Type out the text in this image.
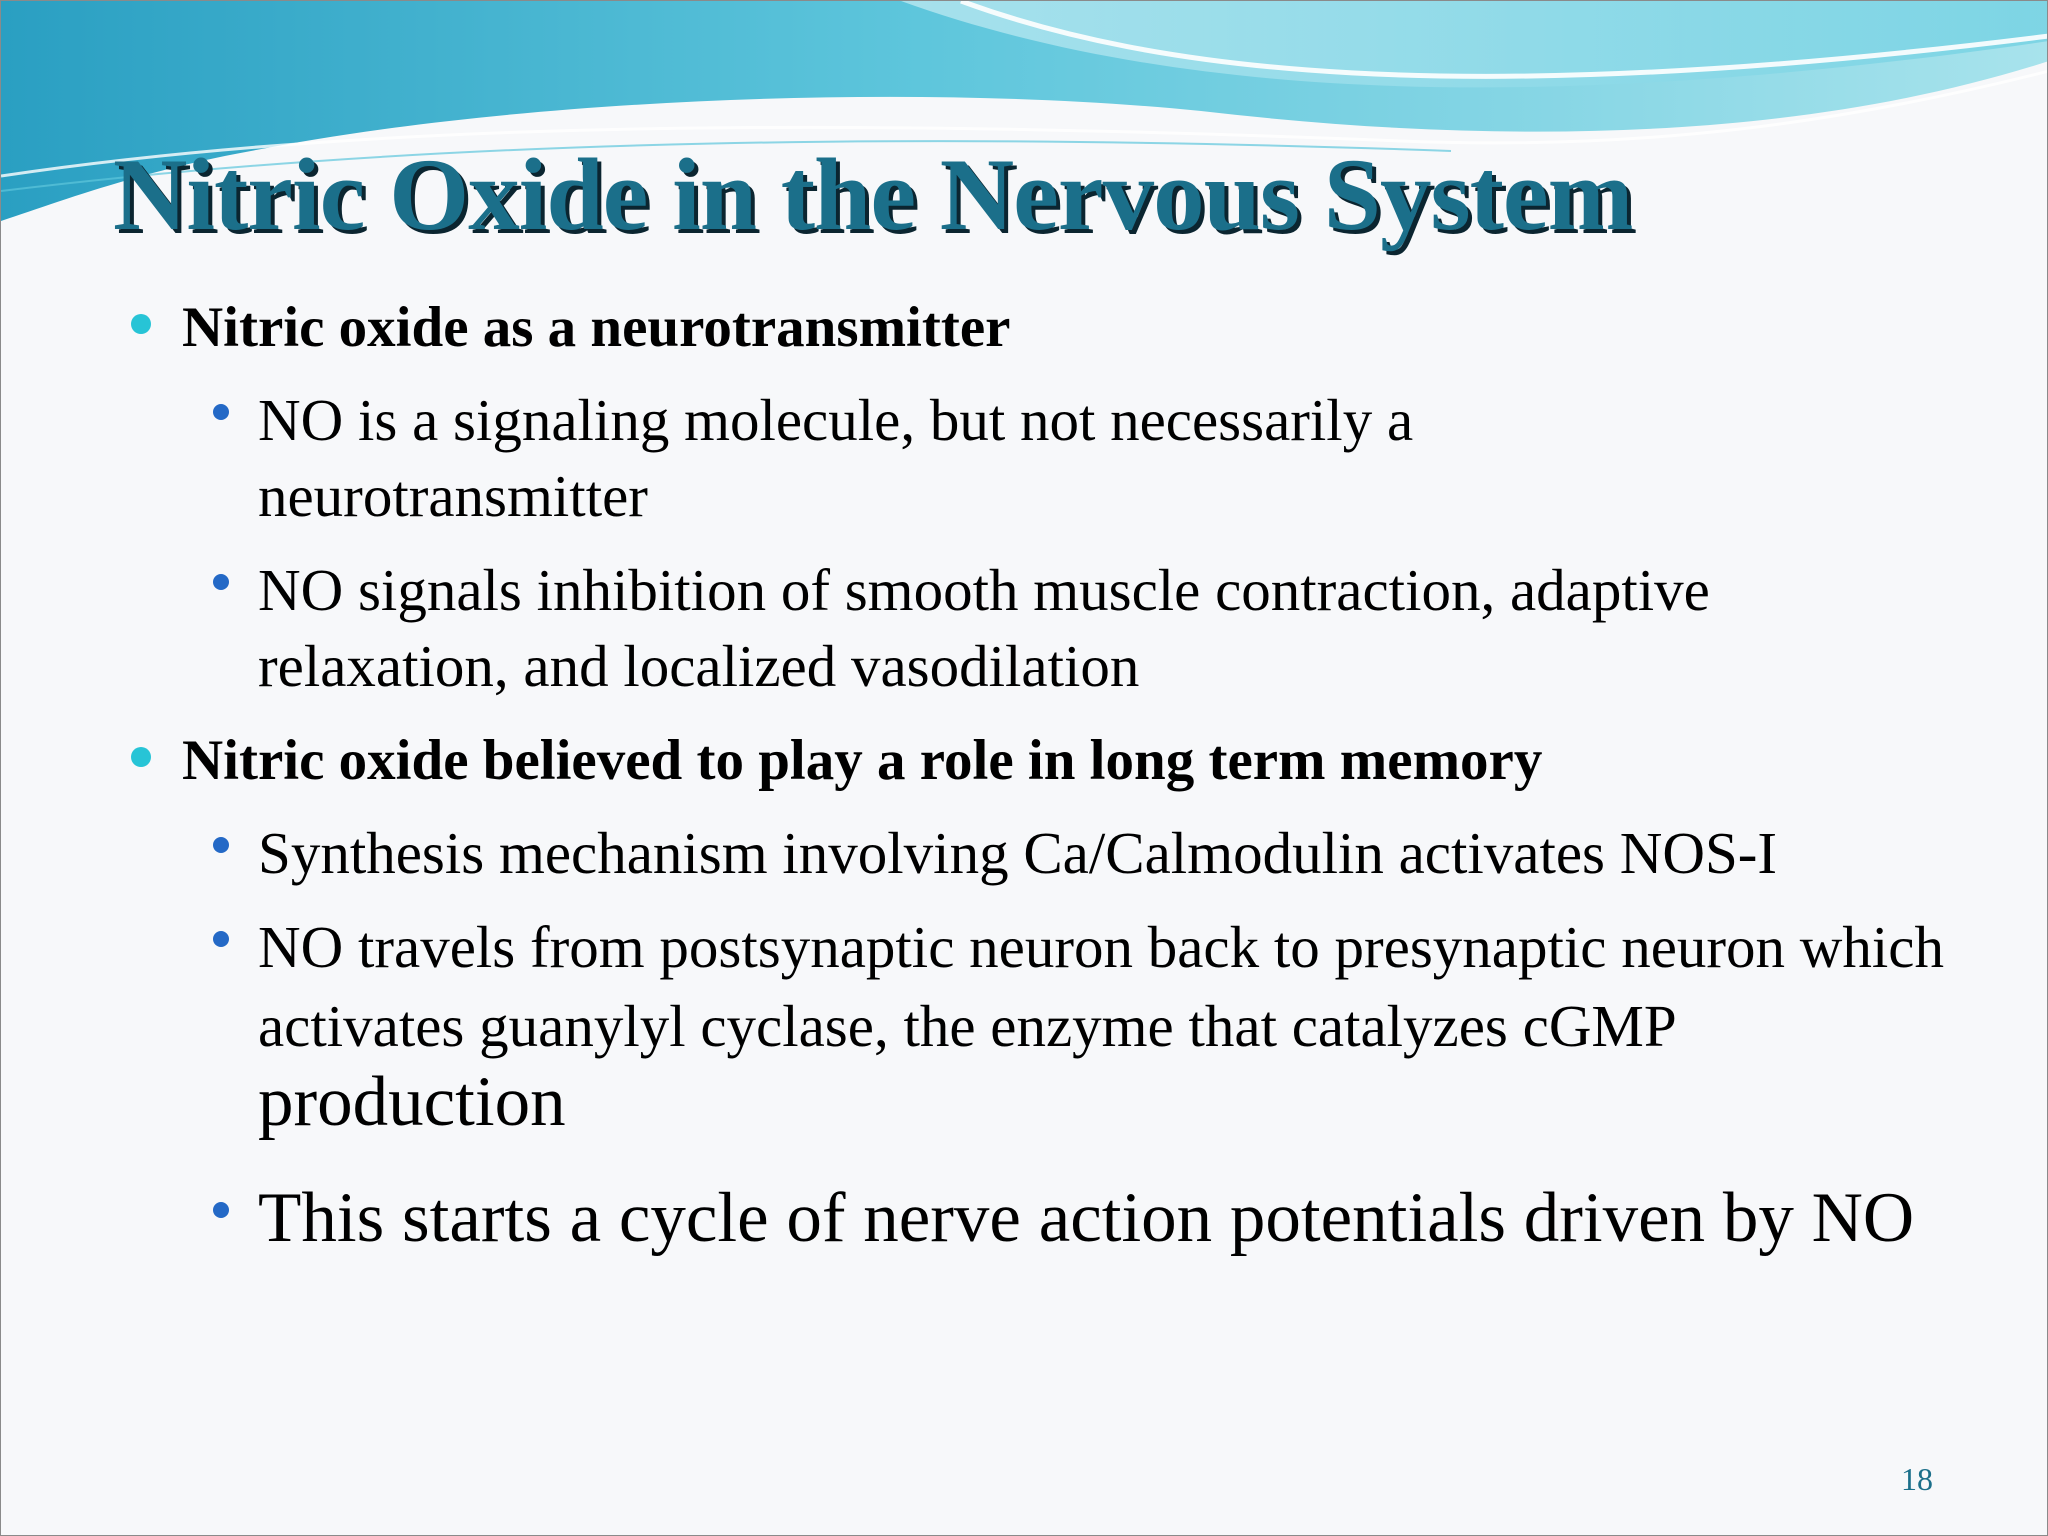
Nitric Oxide in the Nervous System
Nitric oxide as a neurotransmitter
NO is a signaling molecule, but not necessarily a neurotransmitter
NO signals inhibition of smooth muscle contraction, adaptive relaxation, and localized vasodilation
Nitric oxide believed to play a role in long term memory
Synthesis mechanism involving Ca/Calmodulin activates NOS-I
NO travels from postsynaptic neuron back to presynaptic neuron which activates guanylyl cyclase, the enzyme that catalyzes cGMP production
This starts a cycle of nerve action potentials driven by NO
18
